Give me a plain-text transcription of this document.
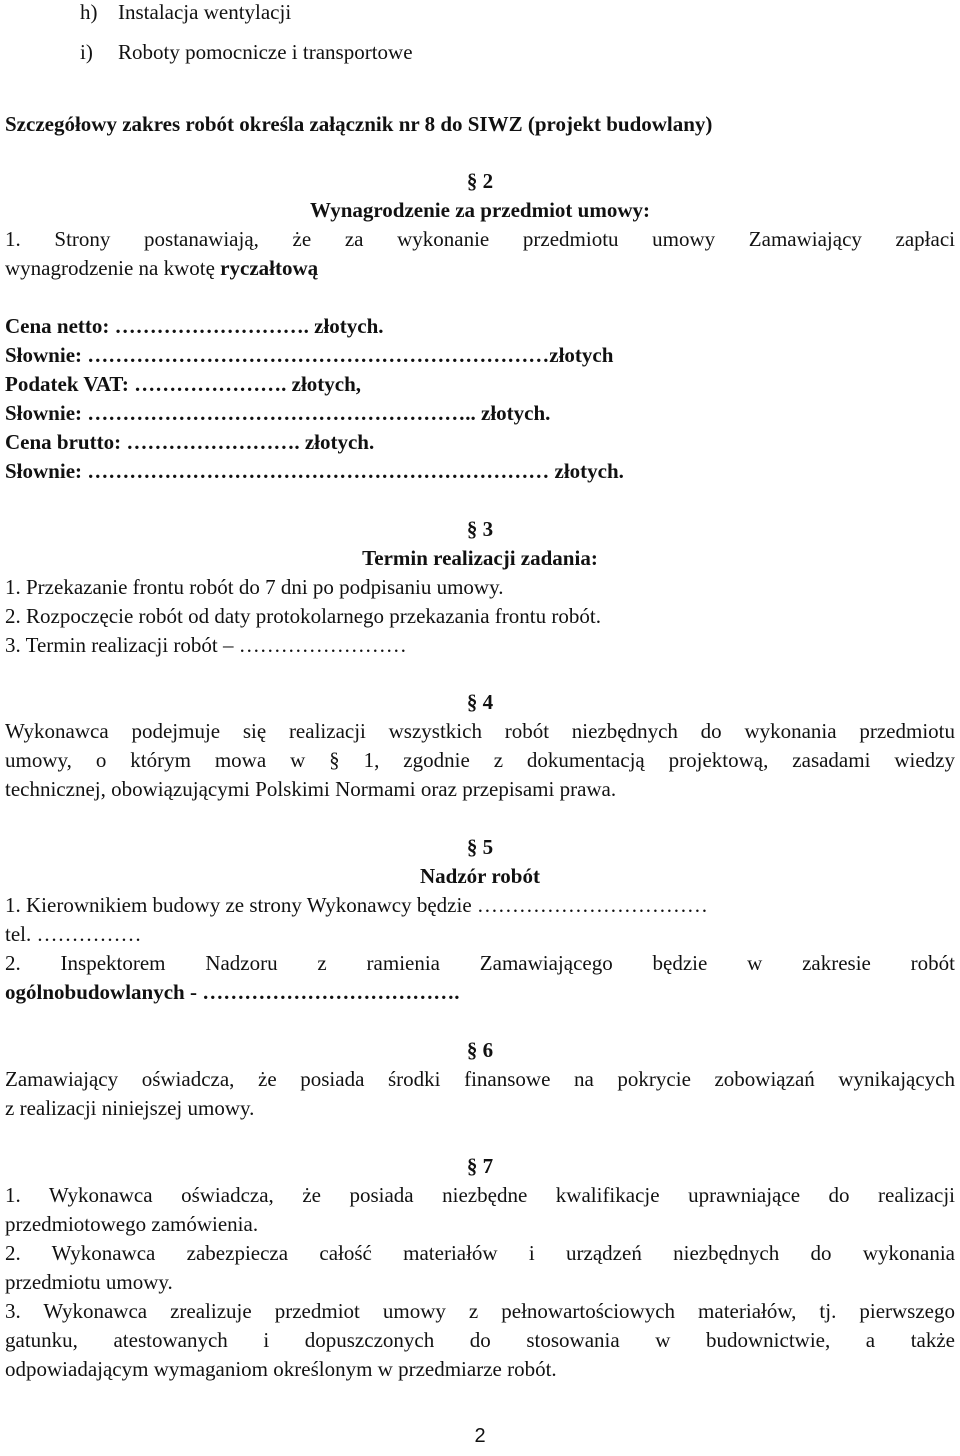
h) Instalacja wentylacji
i) Roboty pomocnicze i transportowe
Szczegółowy zakres robót określa załącznik nr 8 do SIWZ (projekt budowlany)
§ 2
Wynagrodzenie za przedmiot umowy:
1. Strony postanawiają, że za wykonanie przedmiotu umowy Zamawiający zapłaci
wynagrodzenie na kwotę ryczałtową
Cena netto: ………………………. złotych.
Słownie: …………………………………………………………złotych
Podatek VAT: …………………. złotych,
Słownie: ……………………………………………….. złotych.
Cena brutto: ……………………. złotych.
Słownie: ………………………………………………………… złotych.
§ 3
Termin realizacji zadania:
1. Przekazanie frontu robót do 7 dni po podpisaniu umowy.
2. Rozpoczęcie robót od daty protokolarnego przekazania frontu robót.
3. Termin realizacji robót – ……………………
§ 4
Wykonawca podejmuje się realizacji wszystkich robót niezbędnych do wykonania przedmiotu
umowy, o którym mowa w § 1, zgodnie z dokumentacją projektową, zasadami wiedzy
technicznej, obowiązującymi Polskimi Normami oraz przepisami prawa.
§ 5
Nadzór robót
1. Kierownikiem budowy ze strony Wykonawcy będzie ……………………………
tel. ……………
2. Inspektorem Nadzoru z ramienia Zamawiającego będzie w zakresie robót
ogólnobudowlanych - ……………………………….
§ 6
Zamawiający oświadcza, że posiada środki finansowe na pokrycie zobowiązań wynikających
z realizacji niniejszej umowy.
§ 7
1. Wykonawca oświadcza, że posiada niezbędne kwalifikacje uprawniające do realizacji
przedmiotowego zamówienia.
2. Wykonawca zabezpiecza całość materiałów i urządzeń niezbędnych do wykonania
przedmiotu umowy.
3. Wykonawca zrealizuje przedmiot umowy z pełnowartościowych materiałów, tj. pierwszego
gatunku, atestowanych i dopuszczonych do stosowania w budownictwie, a także
odpowiadającym wymaganiom określonym w przedmiarze robót.
2
